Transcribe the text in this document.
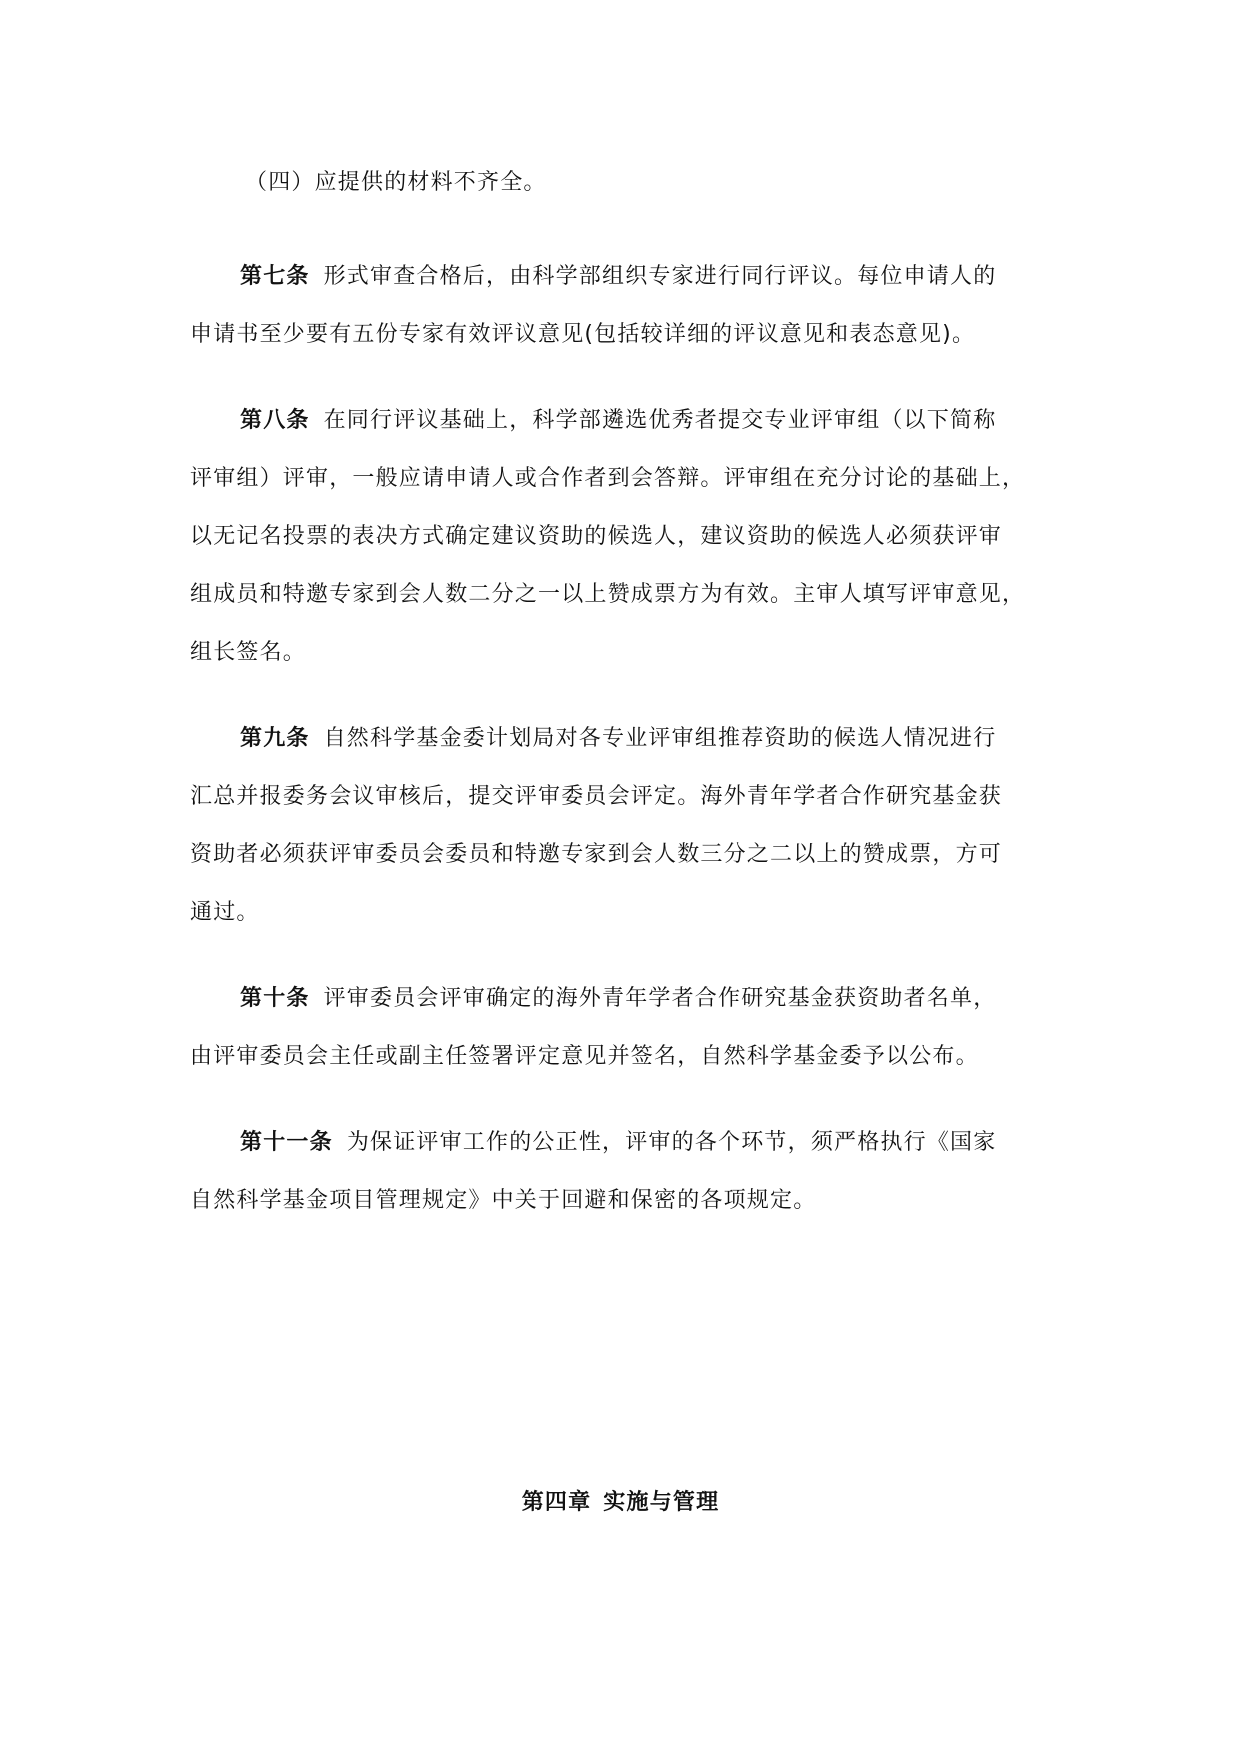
（四）应提供的材料不齐全。
第七条 形式审查合格后，由科学部组织专家进行同行评议。每位申请人的
申请书至少要有五份专家有效评议意见(包括较详细的评议意见和表态意见)。
第八条 在同行评议基础上，科学部遴选优秀者提交专业评审组（以下简称
评审组）评审，一般应请申请人或合作者到会答辩。评审组在充分讨论的基础上，
以无记名投票的表决方式确定建议资助的候选人，建议资助的候选人必须获评审
组成员和特邀专家到会人数二分之一以上赞成票方为有效。主审人填写评审意见，
组长签名。
第九条 自然科学基金委计划局对各专业评审组推荐资助的候选人情况进行
汇总并报委务会议审核后，提交评审委员会评定。海外青年学者合作研究基金获
资助者必须获评审委员会委员和特邀专家到会人数三分之二以上的赞成票，方可
通过。
第十条 评审委员会评审确定的海外青年学者合作研究基金获资助者名单，
由评审委员会主任或副主任签署评定意见并签名，自然科学基金委予以公布。
第十一条 为保证评审工作的公正性，评审的各个环节，须严格执行《国家
自然科学基金项目管理规定》中关于回避和保密的各项规定。
第四章 实施与管理
